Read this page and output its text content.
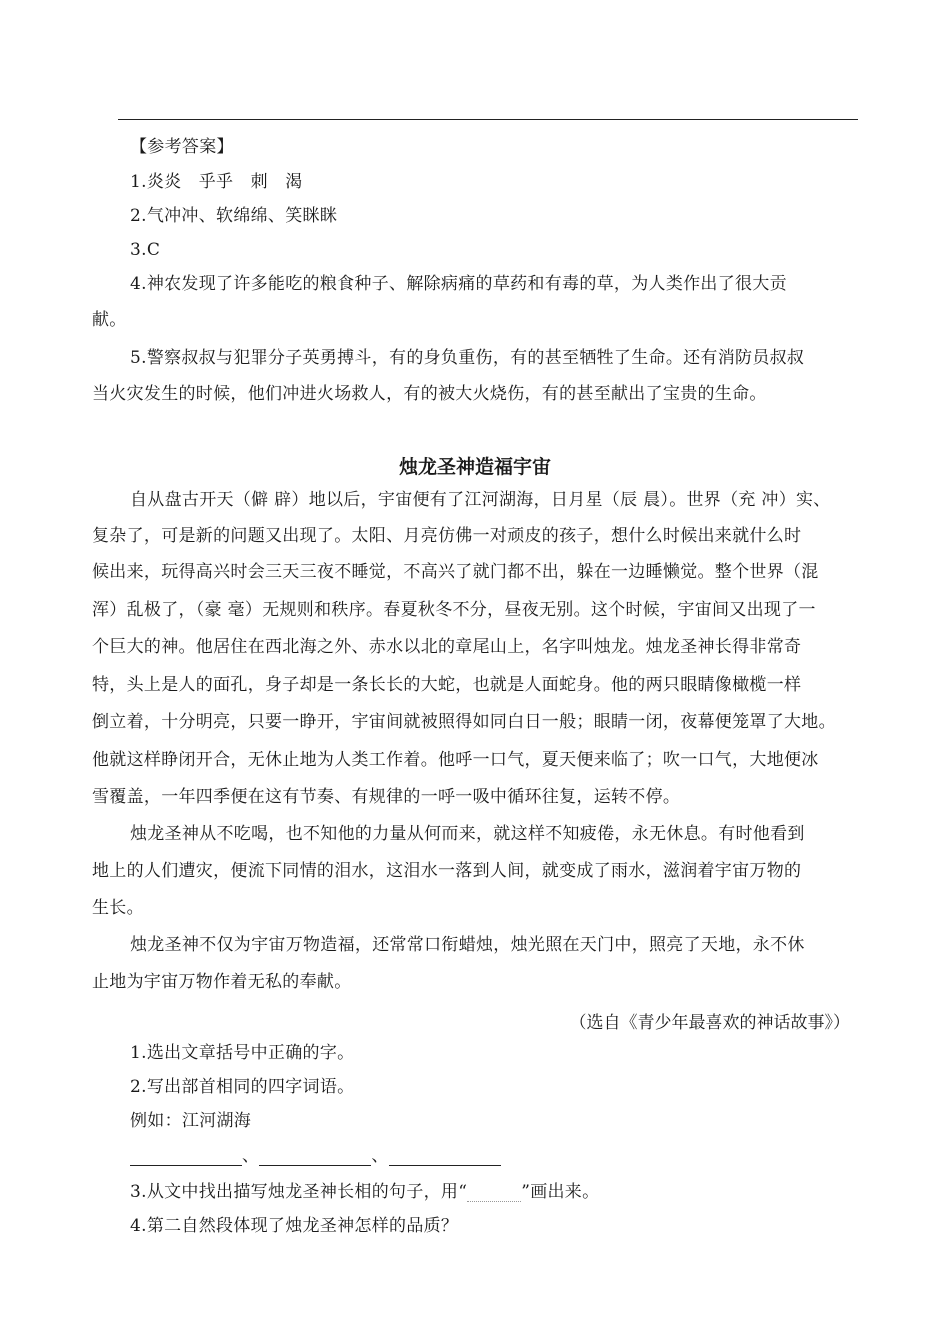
【参考答案】
1.炎炎　乎乎　刺　渴
2.气冲冲、软绵绵、笑眯眯
3.C
4.神农发现了许多能吃的粮食种子、解除病痛的草药和有毒的草，为人类作出了很大贡
献。
5.警察叔叔与犯罪分子英勇搏斗，有的身负重伤，有的甚至牺牲了生命。还有消防员叔叔
当火灾发生的时候，他们冲进火场救人，有的被大火烧伤，有的甚至献出了宝贵的生命。
烛龙圣神造福宇宙
自从盘古开天（僻 辟）地以后，宇宙便有了江河湖海，日月星（辰 晨）。世界（充 冲）实、
复杂了，可是新的问题又出现了。太阳、月亮仿佛一对顽皮的孩子，想什么时候出来就什么时
候出来，玩得高兴时会三天三夜不睡觉，不高兴了就门都不出，躲在一边睡懒觉。整个世界（混
浑）乱极了，（豪 毫）无规则和秩序。春夏秋冬不分，昼夜无别。这个时候，宇宙间又出现了一
个巨大的神。他居住在西北海之外、赤水以北的章尾山上，名字叫烛龙。烛龙圣神长得非常奇
特，头上是人的面孔，身子却是一条长长的大蛇，也就是人面蛇身。他的两只眼睛像橄榄一样
倒立着，十分明亮，只要一睁开，宇宙间就被照得如同白日一般；眼睛一闭，夜幕便笼罩了大地。
他就这样睁闭开合，无休止地为人类工作着。他呼一口气，夏天便来临了；吹一口气，大地便冰
雪覆盖，一年四季便在这有节奏、有规律的一呼一吸中循环往复，运转不停。
烛龙圣神从不吃喝，也不知他的力量从何而来，就这样不知疲倦，永无休息。有时他看到
地上的人们遭灾，便流下同情的泪水，这泪水一落到人间，就变成了雨水，滋润着宇宙万物的
生长。
烛龙圣神不仅为宇宙万物造福，还常常口衔蜡烛，烛光照在天门中，照亮了天地，永不休
止地为宇宙万物作着无私的奉献。
（选自《青少年最喜欢的神话故事》）
1.选出文章括号中正确的字。
2.写出部首相同的四字词语。
例如：江河湖海
、	、
3.从文中找出描写烛龙圣神长相的句子，用“	”画出来。
4.第二自然段体现了烛龙圣神怎样的品质？
